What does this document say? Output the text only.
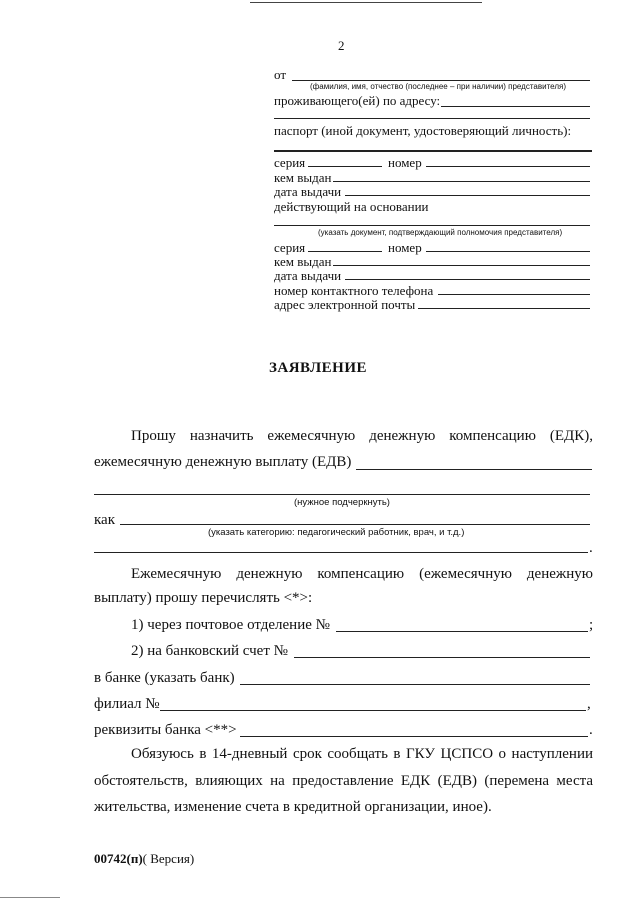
2
от
(фамилия, имя, отчество (последнее – при наличии) представителя)
проживающего(ей) по адресу:
паспорт (иной документ, удостоверяющий личность):
серия	номер
кем выдан
дата выдачи
действующий на основании
(указать документ, подтверждающий полномочия представителя)
серия	номер
кем выдан
дата выдачи
номер контактного телефона
адрес электронной почты
ЗАЯВЛЕНИЕ
Прошу назначить ежемесячную денежную компенсацию (ЕДК),
ежемесячную денежную выплату (ЕДВ)
(нужное подчеркнуть)
как
(указать категорию: педагогический работник, врач, и т.д.)
.
Ежемесячную денежную компенсацию (ежемесячную денежную
выплату) прошу перечислять <*>:
1) через почтовое отделение №	;
2) на банковский счет №
в банке (указать банк)
филиал №	,
реквизиты банка <**>	.
Обязуюсь в 14-дневный срок сообщать в ГКУ ЦСПСО о наступлении
обстоятельств, влияющих на предоставление ЕДК (ЕДВ) (перемена места
жительства, изменение счета в кредитной организации, иное).
00742(п)( Версия)
